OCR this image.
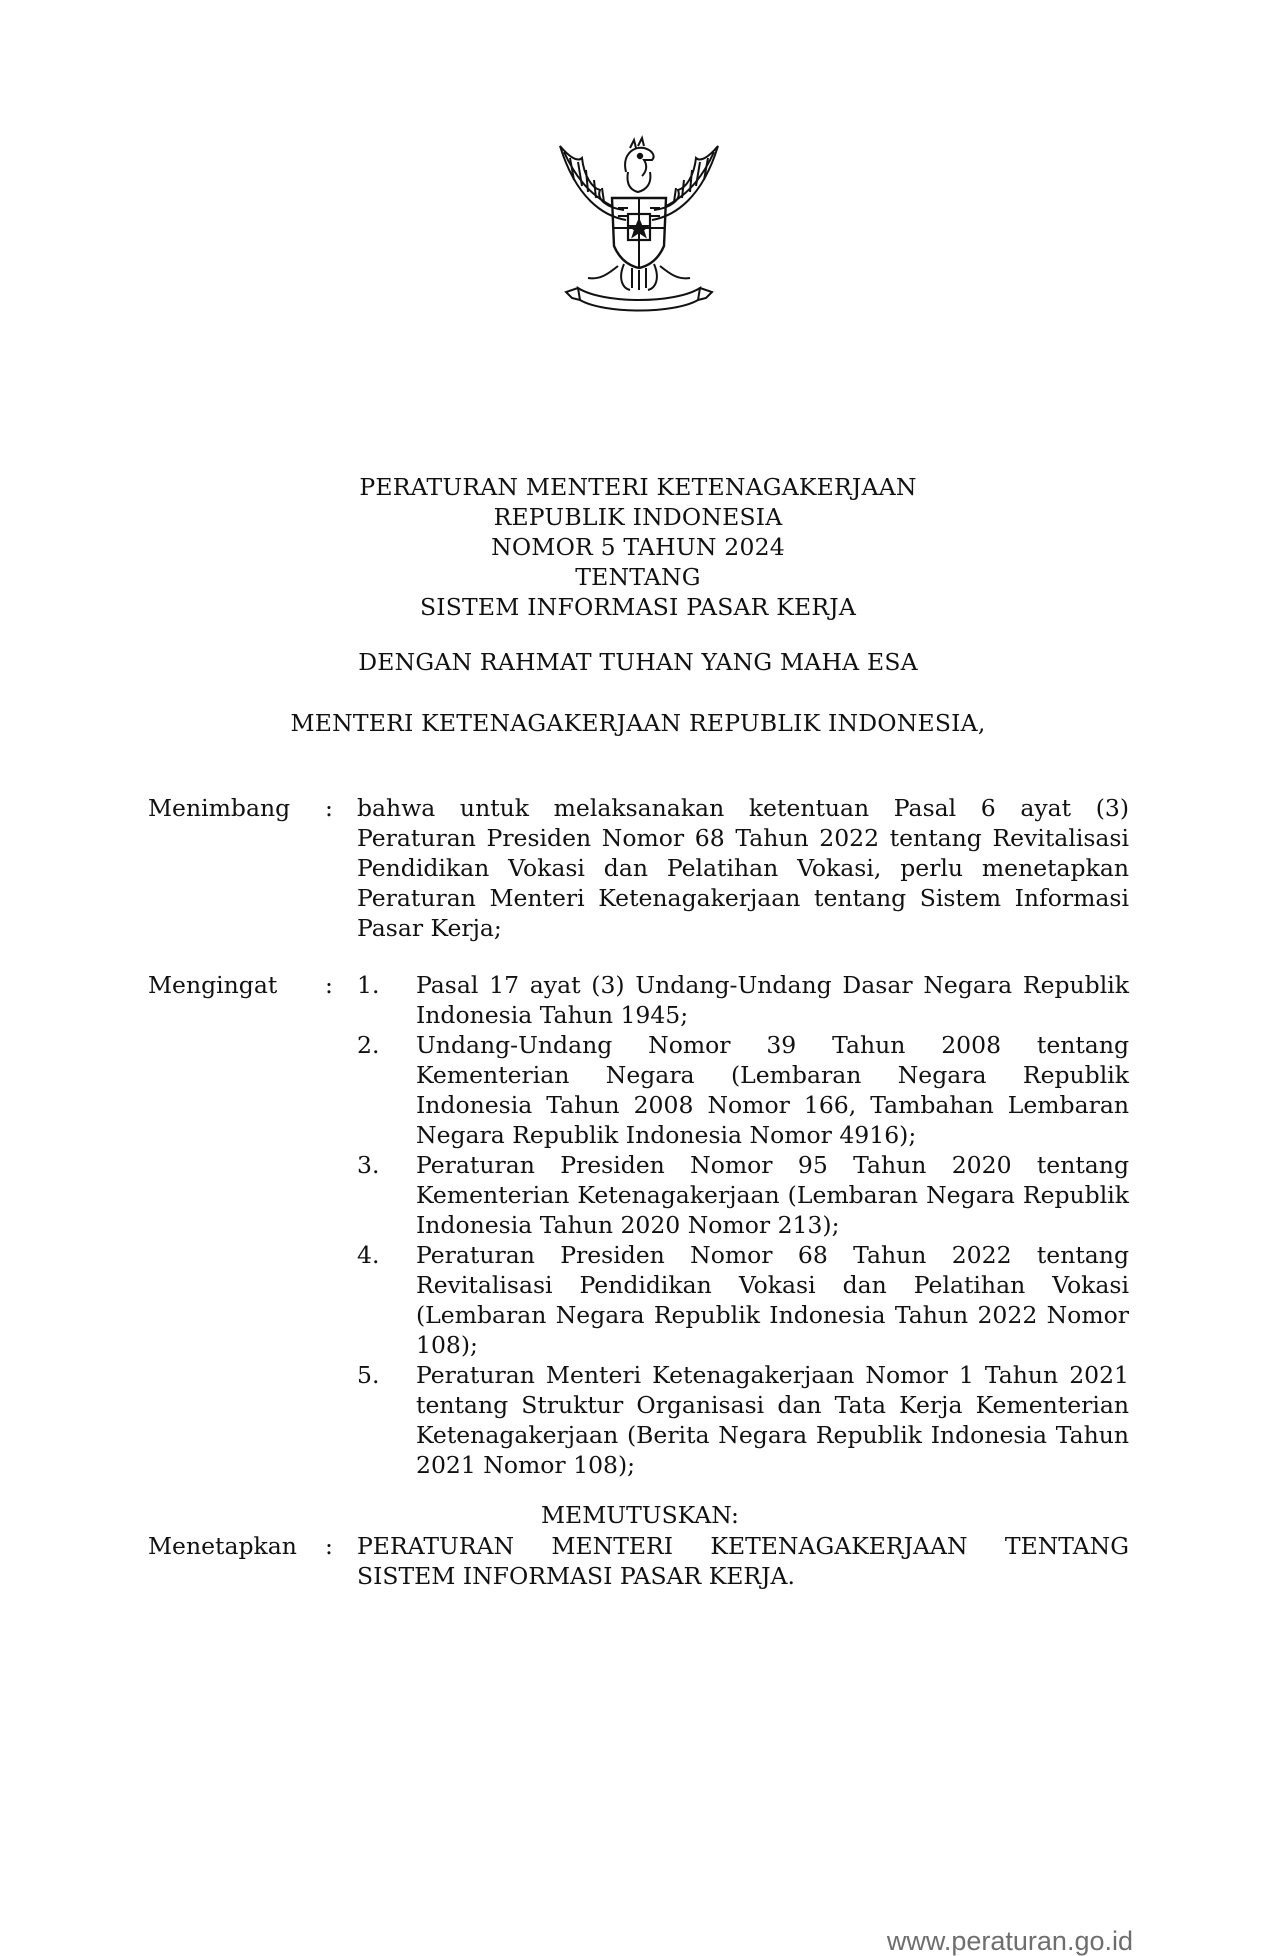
PERATURAN MENTERI KETENAGAKERJAAN
REPUBLIK INDONESIA
NOMOR 5 TAHUN 2024
TENTANG
SISTEM INFORMASI PASAR KERJA
DENGAN RAHMAT TUHAN YANG MAHA ESA
MENTERI KETENAGAKERJAAN REPUBLIK INDONESIA,
Menimbang : bahwa untuk melaksanakan ketentuan Pasal 6 ayat (3) Peraturan Presiden Nomor 68 Tahun 2022 tentang Revitalisasi Pendidikan Vokasi dan Pelatihan Vokasi, perlu menetapkan Peraturan Menteri Ketenagakerjaan tentang Sistem Informasi Pasar Kerja;
Mengingat : 1. Pasal 17 ayat (3) Undang-Undang Dasar Negara Republik Indonesia Tahun 1945;
2. Undang-Undang Nomor 39 Tahun 2008 tentang Kementerian Negara (Lembaran Negara Republik Indonesia Tahun 2008 Nomor 166, Tambahan Lembaran Negara Republik Indonesia Nomor 4916);
3. Peraturan Presiden Nomor 95 Tahun 2020 tentang Kementerian Ketenagakerjaan (Lembaran Negara Republik Indonesia Tahun 2020 Nomor 213);
4. Peraturan Presiden Nomor 68 Tahun 2022 tentang Revitalisasi Pendidikan Vokasi dan Pelatihan Vokasi (Lembaran Negara Republik Indonesia Tahun 2022 Nomor 108);
5. Peraturan Menteri Ketenagakerjaan Nomor 1 Tahun 2021 tentang Struktur Organisasi dan Tata Kerja Kementerian Ketenagakerjaan (Berita Negara Republik Indonesia Tahun 2021 Nomor 108);
MEMUTUSKAN:
Menetapkan : PERATURAN MENTERI KETENAGAKERJAAN TENTANG SISTEM INFORMASI PASAR KERJA.
www.peraturan.go.id
